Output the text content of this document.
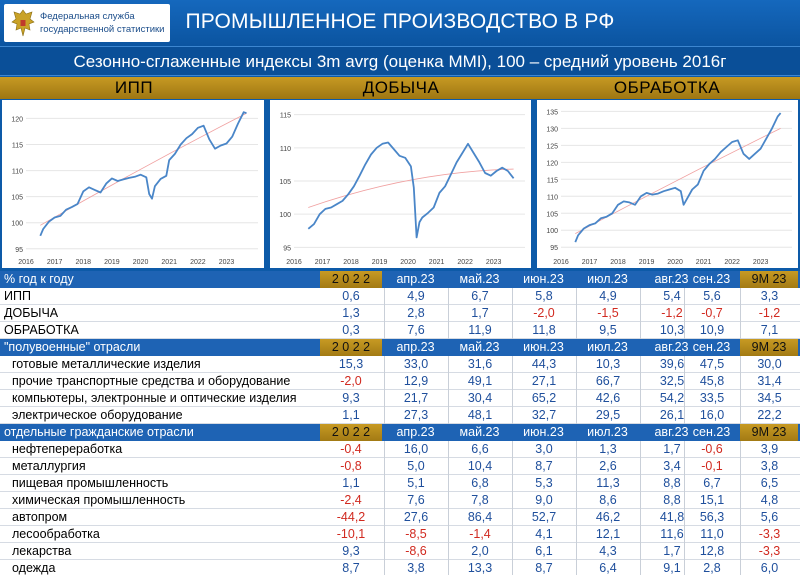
Федеральная служба
государственной статистики ПРОМЫШЛЕННОЕ ПРОИЗВОДСТВО В РФ
Сезонно-сглаженные индексы 3m avrg (оценка MMI), 100 – средний уровень 2016г
ИПП	ДОБЫЧА	ОБРАБОТКА
95
100
105
110
115
120
2016 2017 2018 2019 2020 2021 2022 2023
95
100
105
110
115
2016 2017 2018 2019 2020 2021 2022 2023
95
100
105
110
115
120
125
130
135
2016 2017 2018 2019 2020 2021 2022 2023
% год к году	2 0 2 2	апр.23	май.23	июн.23	июл.23	авг.23 сен.23	9М 23
ИПП	0,6	4,9	6,7	5,8	4,9	5,4	5,6	3,3
ДОБЫЧА	1,3	2,8	1,7	-2,0	-1,5	-1,2	-0,7	-1,2
ОБРАБОТКА	0,3	7,6	11,9	11,8	9,5	10,3	10,9	7,1
"полувоенные" отрасли	2 0 2 2	апр.23	май.23	июн.23	июл.23	авг.23 сен.23	9М 23
готовые металлические изделия	15,3	33,0	31,6	44,3	10,3	39,6	47,5	30,0
прочие транспортные средства и оборудование	-2,0	12,9	49,1	27,1	66,7	32,5	45,8	31,4
компьютеры, электронные и оптические изделия	9,3	21,7	30,4	65,2	42,6	54,2	33,5	34,5
электрическое оборудование	1,1	27,3	48,1	32,7	29,5	26,1	16,0	22,2
отдельные гражданские отрасли	2 0 2 2	апр.23	май.23	июн.23	июл.23	авг.23 сен.23	9М 23
нефтепереработка	-0,4	16,0	6,6	3,0	1,3	1,7	-0,6	3,9
металлургия	-0,8	5,0	10,4	8,7	2,6	3,4	-0,1	3,8
пищевая промышленность	1,1	5,1	6,8	5,3	11,3	8,8	6,7	6,5
химическая промышленность	-2,4	7,6	7,8	9,0	8,6	8,8	15,1	4,8
автопром	-44,2	27,6	86,4	52,7	46,2	41,8	56,3	5,6
лесообработка	-10,1	-8,5	-1,4	4,1	12,1	11,6	11,0	-3,3
лекарства	9,3	-8,6	2,0	6,1	4,3	1,7	12,8	-3,3
одежда	8,7	3,8	13,3	8,7	6,4	9,1	2,8	6,0
